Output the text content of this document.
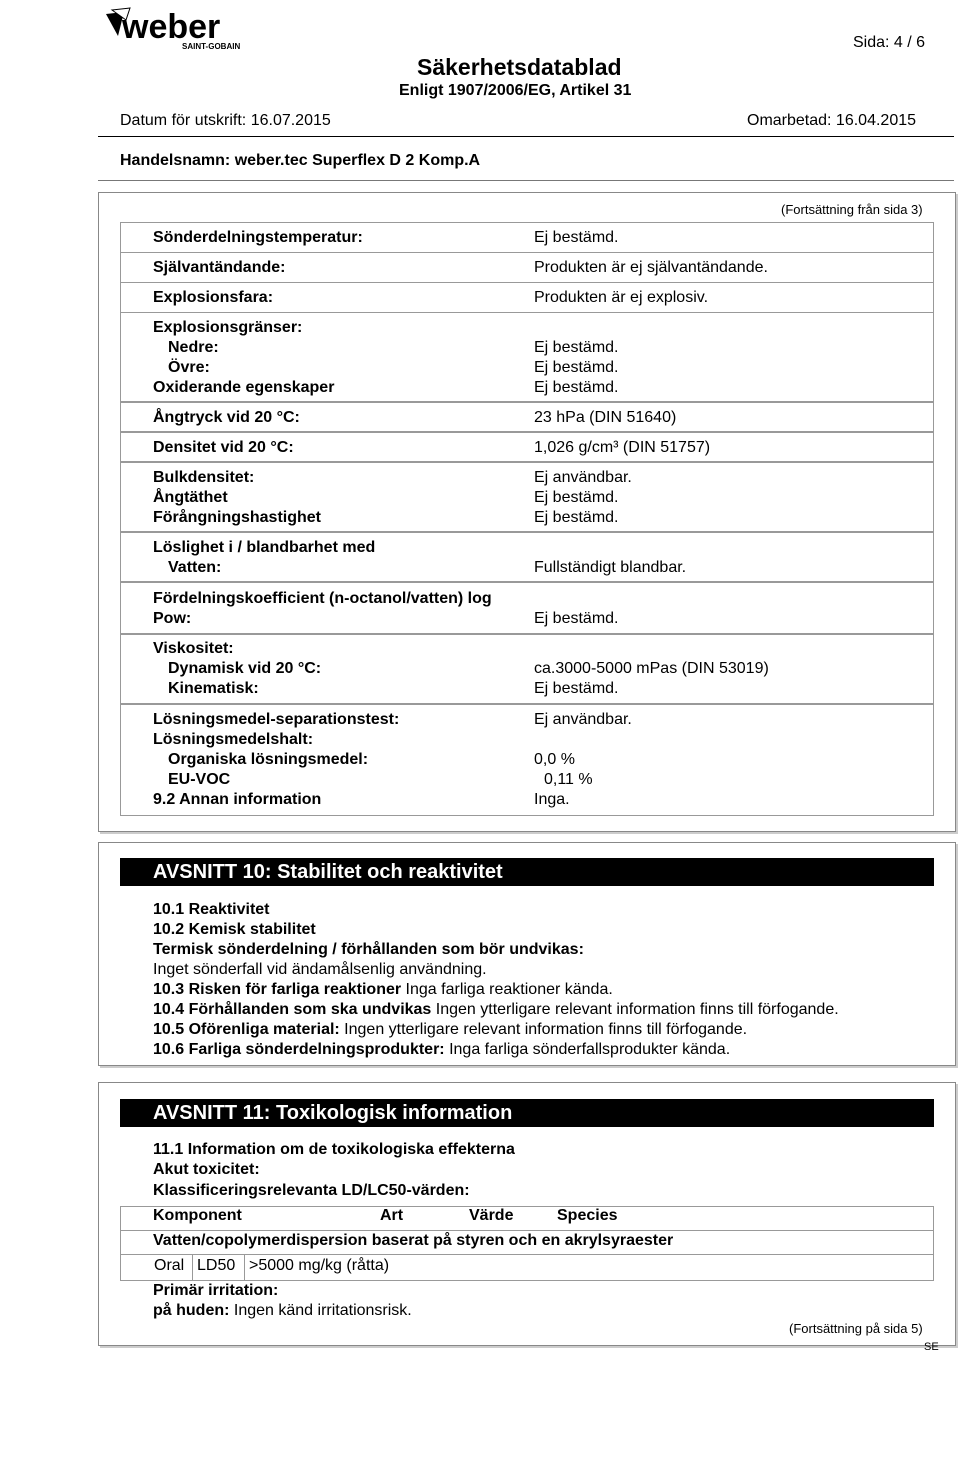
weber
SAINT-GOBAIN	Sida: 4 / 6
Säkerhetsdatablad
Enligt 1907/2006/EG, Artikel 31
Datum för utskrift: 16.07.2015	Omarbetad: 16.04.2015
Handelsnamn: weber.tec Superflex D 2 Komp.A
(Fortsättning från sida 3)
Sönderdelningstemperatur:	Ej bestämd.
Självantändande:	Produkten är ej självantändande.
Explosionsfara:	Produkten är ej explosiv.
Explosionsgränser:
Nedre:	Ej bestämd.
Övre:	Ej bestämd.
Oxiderande egenskaper	Ej bestämd.
Ångtryck vid 20 °C:	23 hPa (DIN 51640)
Densitet vid 20 °C:	1,026 g/cm³ (DIN 51757)
Bulkdensitet:	Ej användbar.
Ångtäthet	Ej bestämd.
Förångningshastighet	Ej bestämd.
Löslighet i / blandbarhet med
Vatten:	Fullständigt blandbar.
Fördelningskoefficient (n-octanol/vatten) log
Pow:	Ej bestämd.
Viskositet:
Dynamisk vid 20 °C:	ca.3000-5000 mPas (DIN 53019)
Kinematisk:	Ej bestämd.
Lösningsmedel-separationstest:	Ej användbar.
Lösningsmedelshalt:
Organiska lösningsmedel:	0,0 %
EU-VOC	0,11 %
9.2 Annan information	Inga.
AVSNITT 10: Stabilitet och reaktivitet
10.1 Reaktivitet
10.2 Kemisk stabilitet
Termisk sönderdelning / förhållanden som bör undvikas:
Inget sönderfall vid ändamålsenlig användning.
10.3 Risken för farliga reaktioner Inga farliga reaktioner kända.
10.4 Förhållanden som ska undvikas Ingen ytterligare relevant information finns till förfogande.
10.5 Oförenliga material: Ingen ytterligare relevant information finns till förfogande.
10.6 Farliga sönderdelningsprodukter: Inga farliga sönderfallsprodukter kända.
AVSNITT 11: Toxikologisk information
11.1 Information om de toxikologiska effekterna
Akut toxicitet:
Klassificeringsrelevanta LD/LC50-värden:
Komponent	Art	Värde	Species
Vatten/copolymerdispersion baserat på styren och en akrylsyraester
Oral LD50 >5000 mg/kg (råtta)
Primär irritation:
på huden: Ingen känd irritationsrisk.
(Fortsättning på sida 5)
SE
